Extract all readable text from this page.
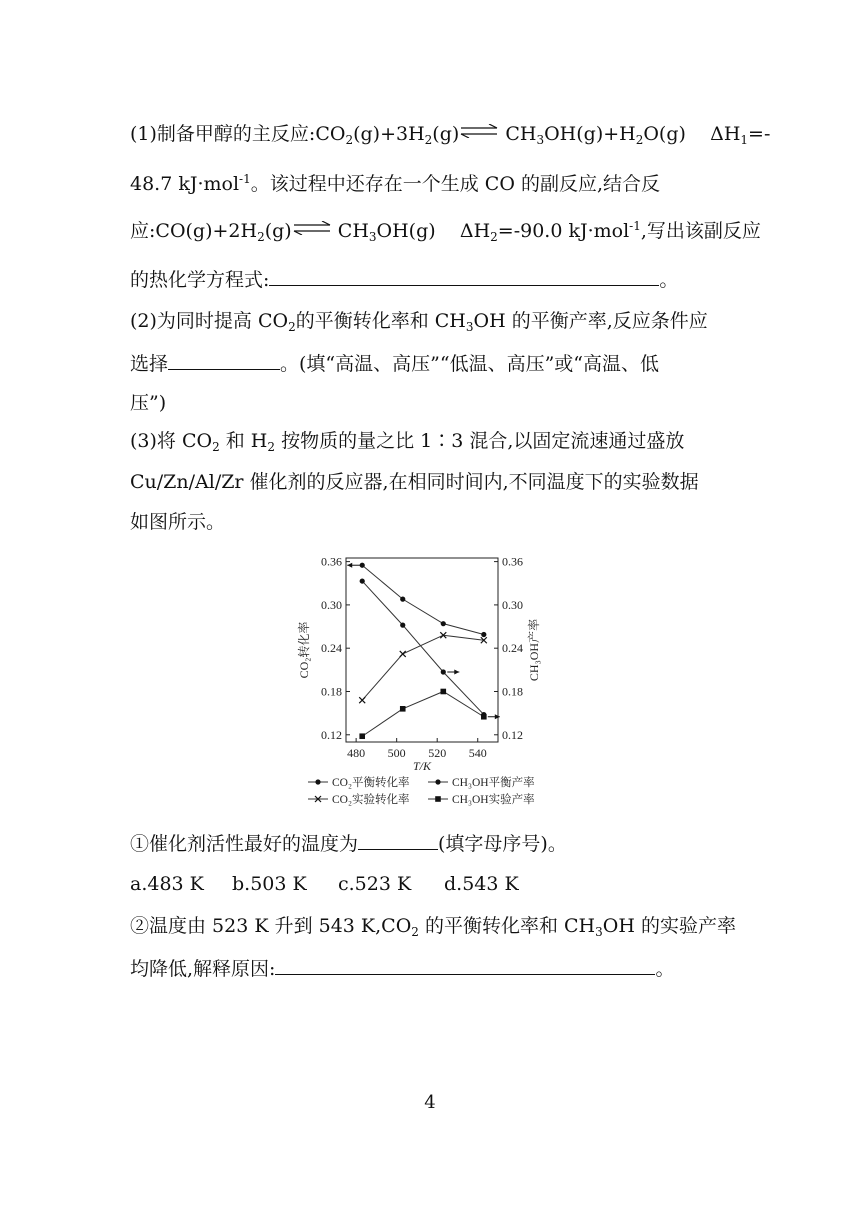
(1)制备甲醇的主反应$:CO_2(g)+3H_2(g)\rightleftharpoons$ $CH_3OH(g)+H_2O(g)$ $\Delta H_1=-$
48.7 kJ·mol$^{-1}$。该过程中还存在一个生成 CO 的副反应,结合反
应$:CO(g)+2H_2(g)\rightleftharpoons$ $CH_3OH(g)$ $\Delta H_2=-90.0$ kJ·mol$^{-1}$,写出该副反应
的热化学方程式:	。
(2)为同时提高 $CO_2$的平衡转化率和 $CH_3OH$ 的平衡产率,反应条件应
选择	。(填“高温、高压”“低温、高压”或“高温、低
压”)
(3)将 $CO_2$ 和 $H_2$ 按物质的量之比 1∶3 混合,以固定流速通过盛放
Cu/Zn/Al/Zr 催化剂的反应器,在相同时间内,不同温度下的实验数据
如图所示。
0.12	0.12
0.18	0.18
0.24	0.24
0.30	0.30
0.36	0.36
480 500 520 540
T/K
CO₂转化率	CH₃OH产率
CO₂平衡转化率	CH₃OH平衡产率
CO₂实验转化率	CH₃OH实验产率
①催化剂活性最好的温度为	(填字母序号)。
a.483 K b.503 K c.523 K d.543 K
②温度由 523 K 升到 543 $K,CO_2$ 的平衡转化率和 $CH_3OH$ 的实验产率
均降低,解释原因:	。
4
